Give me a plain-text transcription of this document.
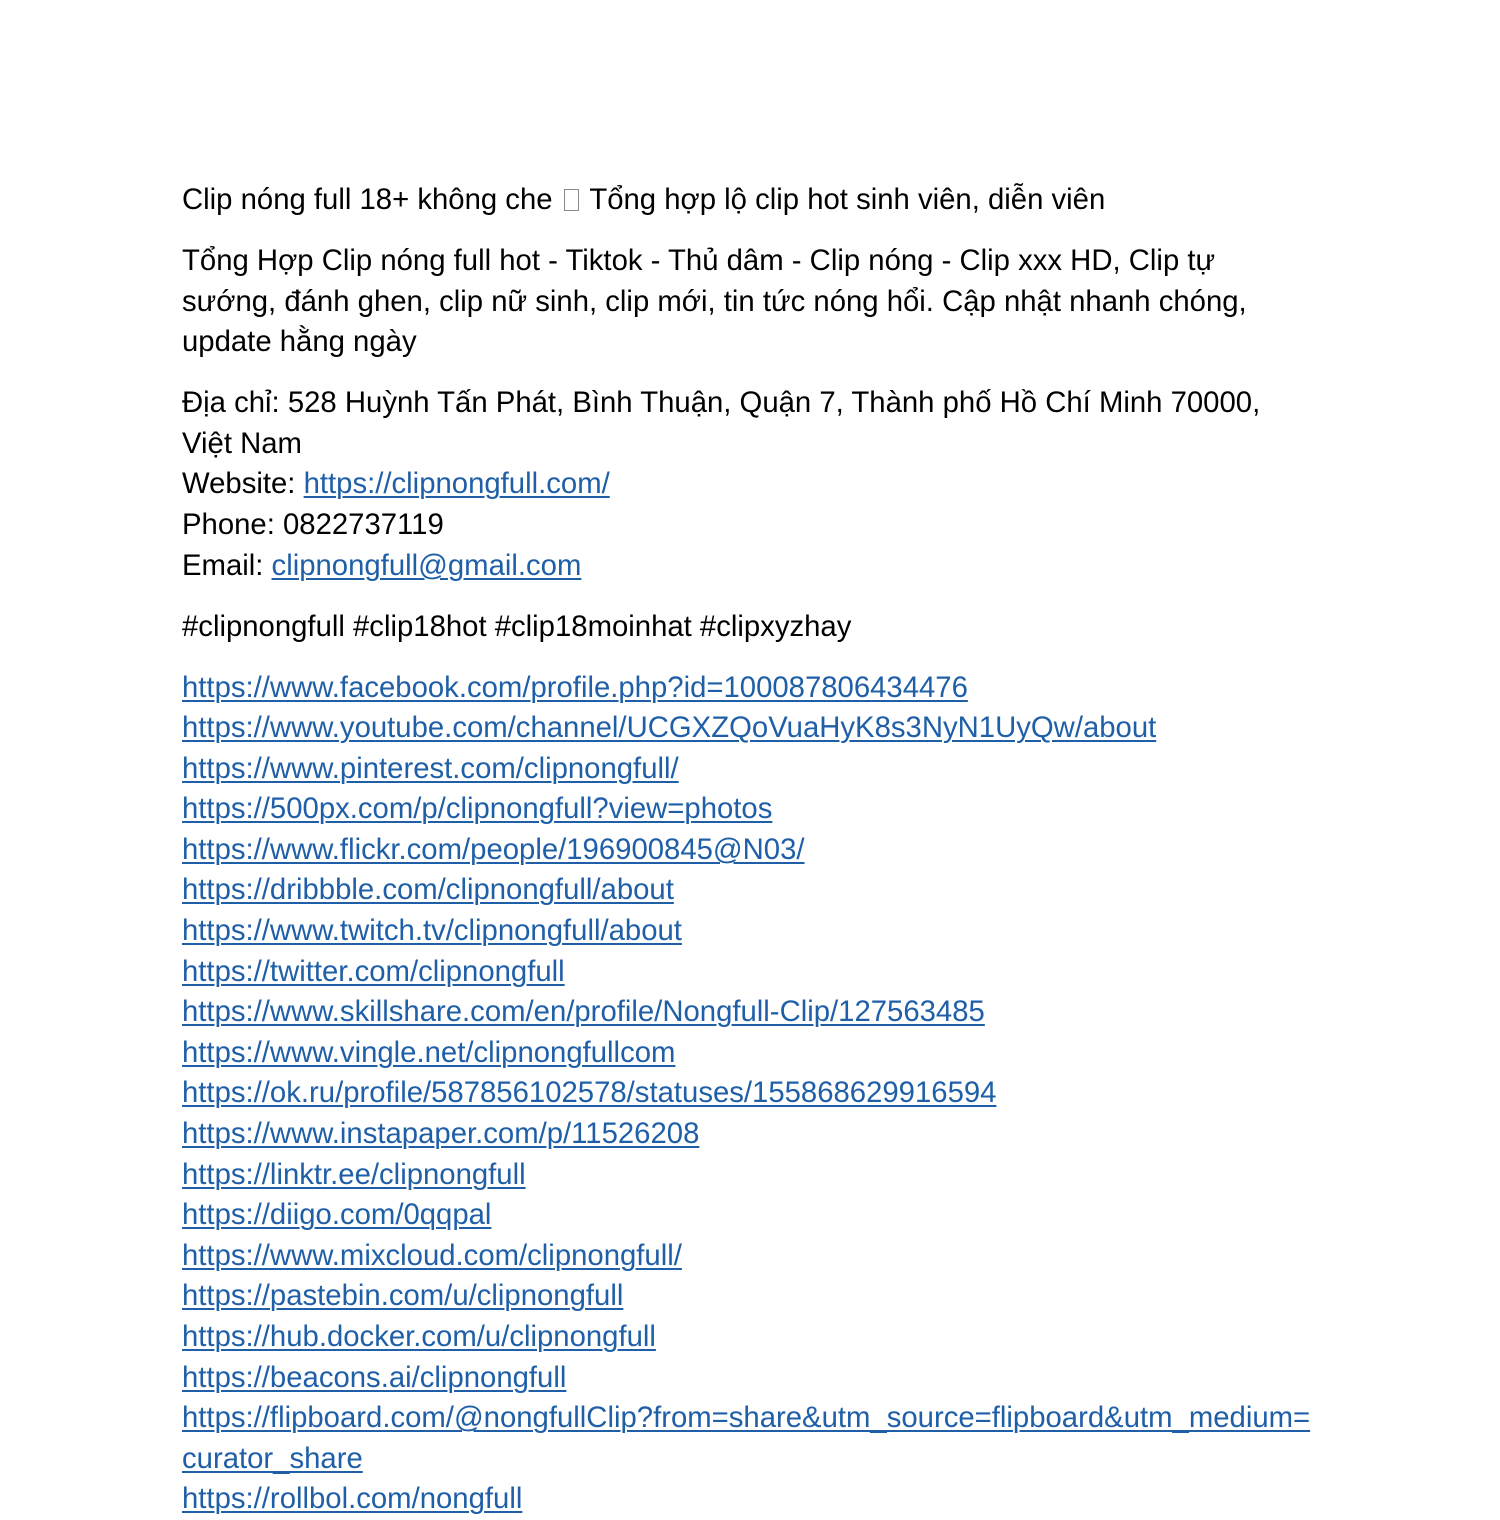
Clip nóng full 18+ không che Tổng hợp lộ clip hot sinh viên, diễn viên

Tổng Hợp Clip nóng full hot - Tiktok - Thủ dâm - Clip nóng - Clip xxx HD, Clip tự sướng, đánh ghen, clip nữ sinh, clip mới, tin tức nóng hổi. Cập nhật nhanh chóng, update hằng ngày

Địa chỉ: 528 Huỳnh Tấn Phát, Bình Thuận, Quận 7, Thành phố Hồ Chí Minh 70000, Việt Nam
Website: https://clipnongfull.com/
Phone: 0822737119
Email: clipnongfull@gmail.com

#clipnongfull #clip18hot #clip18moinhat #clipxyzhay

https://www.facebook.com/profile.php?id=100087806434476
https://www.youtube.com/channel/UCGXZQoVuaHyK8s3NyN1UyQw/about
https://www.pinterest.com/clipnongfull/
https://500px.com/p/clipnongfull?view=photos
https://www.flickr.com/people/196900845@N03/
https://dribbble.com/clipnongfull/about
https://www.twitch.tv/clipnongfull/about
https://twitter.com/clipnongfull
https://www.skillshare.com/en/profile/Nongfull-Clip/127563485
https://www.vingle.net/clipnongfullcom
https://ok.ru/profile/587856102578/statuses/155868629916594
https://www.instapaper.com/p/11526208
https://linktr.ee/clipnongfull
https://diigo.com/0qqpal
https://www.mixcloud.com/clipnongfull/
https://pastebin.com/u/clipnongfull
https://hub.docker.com/u/clipnongfull
https://beacons.ai/clipnongfull
https://flipboard.com/@nongfullClip?from=share&utm_source=flipboard&utm_medium=curator_share
https://rollbol.com/nongfull
